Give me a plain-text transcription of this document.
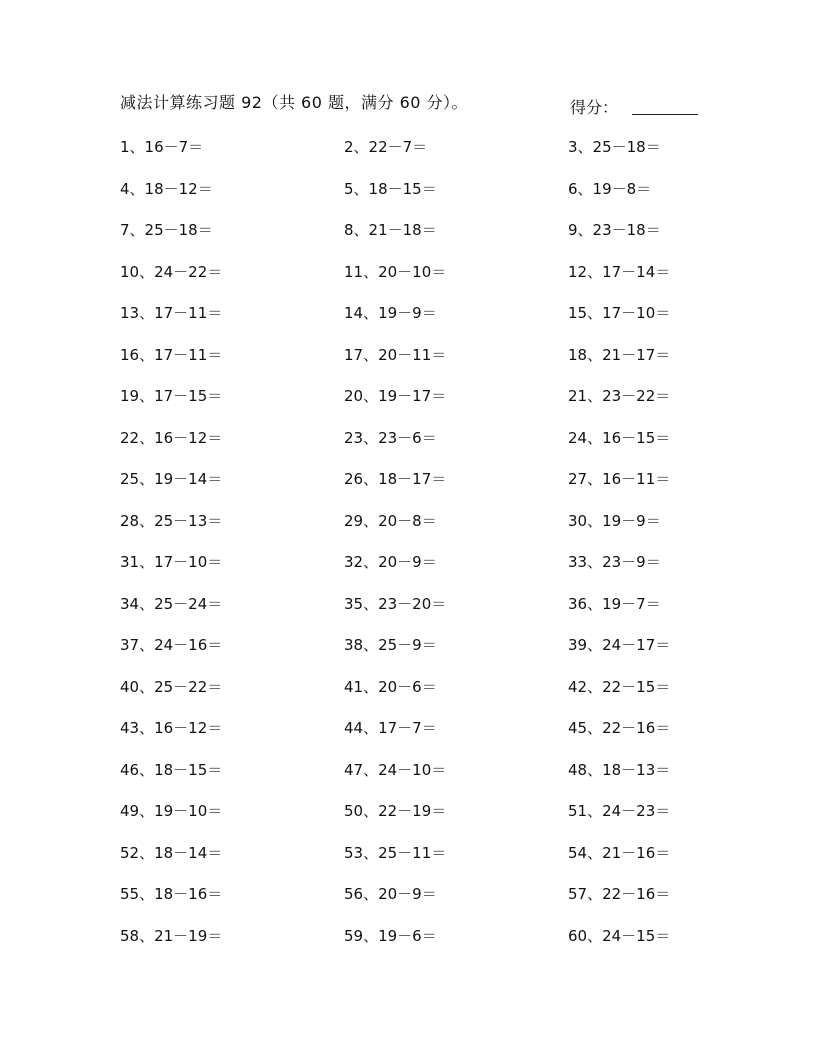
减法计算练习题 92（共 60 题，满分 60 分）。	得分：
1、16－7＝	2、22－7＝	3、25－18＝
4、18－12＝	5、18－15＝	6、19－8＝
7、25－18＝	8、21－18＝	9、23－18＝
10、24－22＝	11、20－10＝	12、17－14＝
13、17－11＝	14、19－9＝	15、17－10＝
16、17－11＝	17、20－11＝	18、21－17＝
19、17－15＝	20、19－17＝	21、23－22＝
22、16－12＝	23、23－6＝	24、16－15＝
25、19－14＝	26、18－17＝	27、16－11＝
28、25－13＝	29、20－8＝	30、19－9＝
31、17－10＝	32、20－9＝	33、23－9＝
34、25－24＝	35、23－20＝	36、19－7＝
37、24－16＝	38、25－9＝	39、24－17＝
40、25－22＝	41、20－6＝	42、22－15＝
43、16－12＝	44、17－7＝	45、22－16＝
46、18－15＝	47、24－10＝	48、18－13＝
49、19－10＝	50、22－19＝	51、24－23＝
52、18－14＝	53、25－11＝	54、21－16＝
55、18－16＝	56、20－9＝	57、22－16＝
58、21－19＝	59、19－6＝	60、24－15＝
